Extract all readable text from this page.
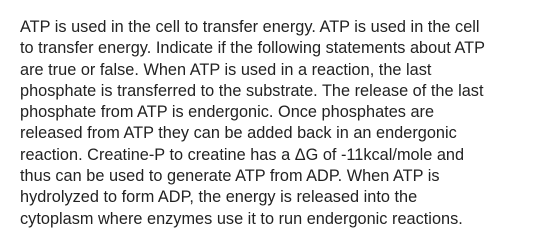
ATP is used in the cell to transfer energy. ATP is used in the cell
to transfer energy. Indicate if the following statements about ATP
are true or false. When ATP is used in a reaction, the last
phosphate is transferred to the substrate. The release of the last
phosphate from ATP is endergonic. Once phosphates are
released from ATP they can be added back in an endergonic
reaction. Creatine-P to creatine has a ΔG of -11kcal/mole and
thus can be used to generate ATP from ADP. When ATP is
hydrolyzed to form ADP, the energy is released into the
cytoplasm where enzymes use it to run endergonic reactions.
